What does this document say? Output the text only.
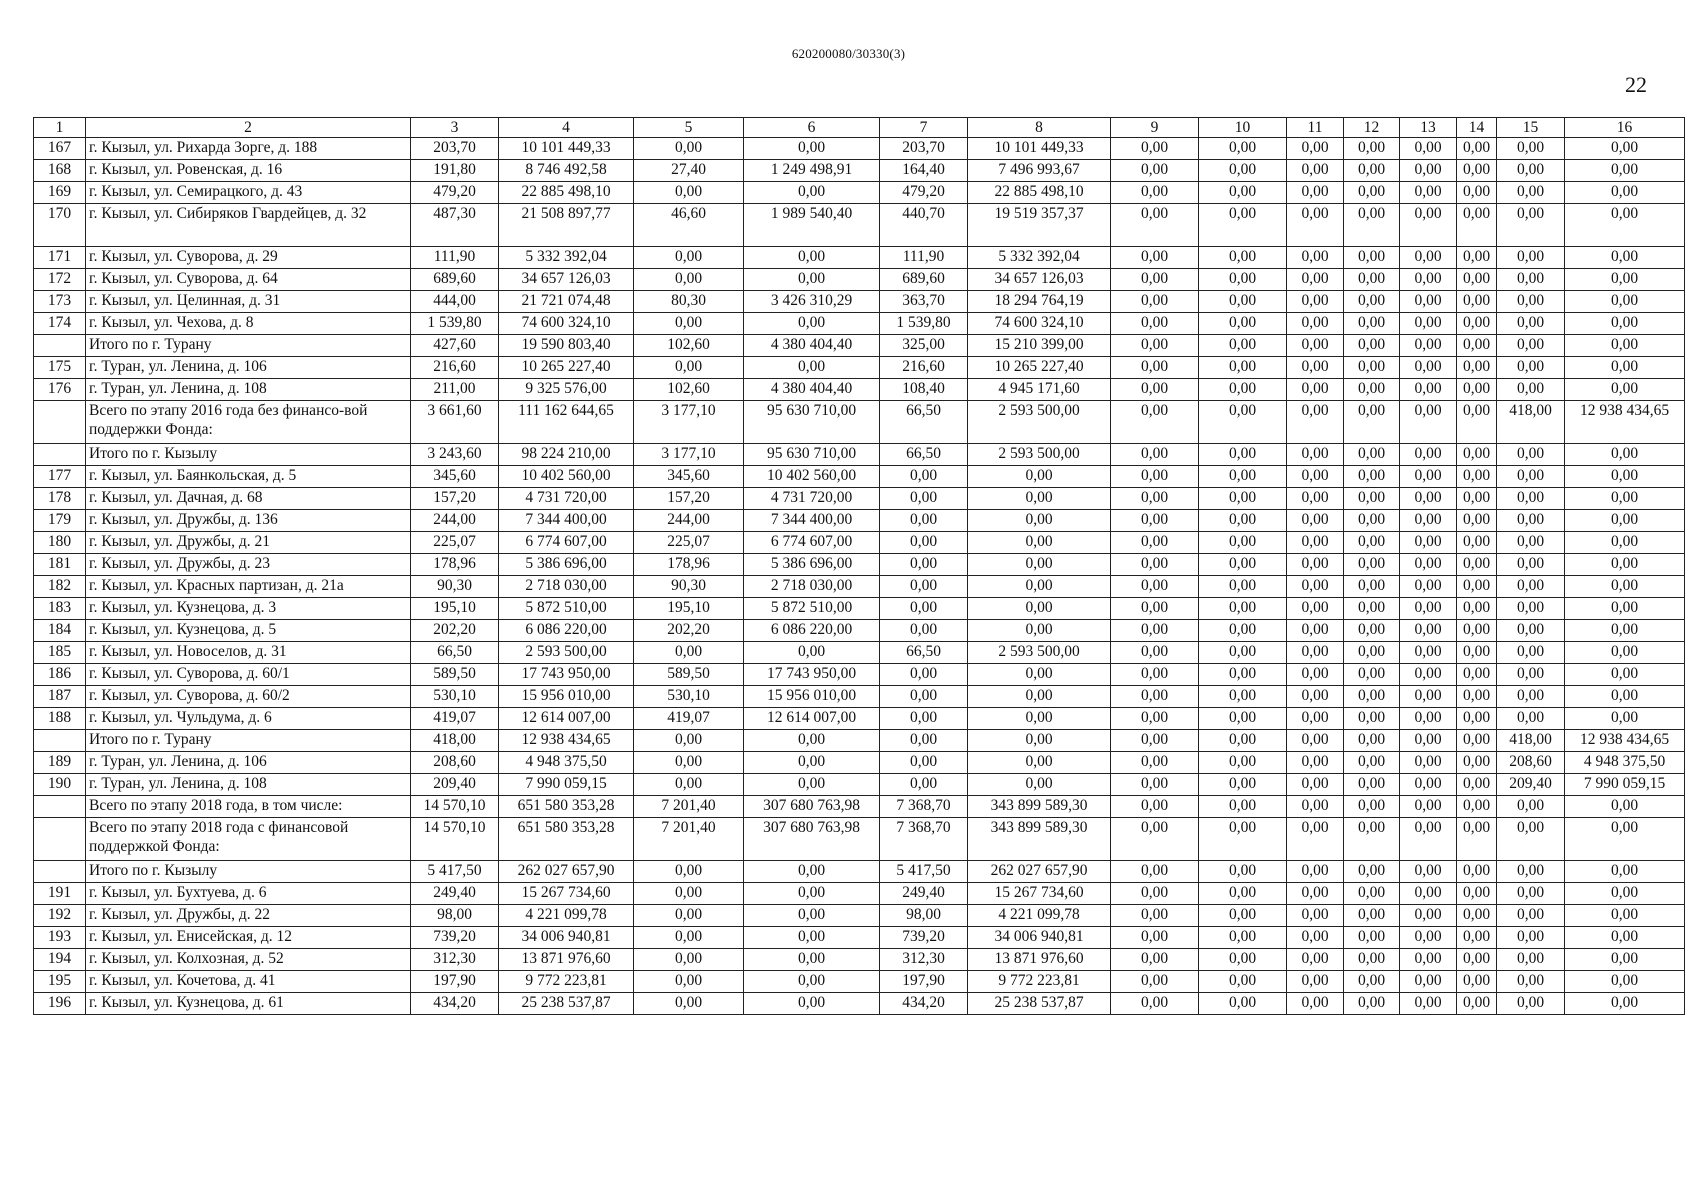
620200080/30330(3)
22
1	2	3	4	5	6	7	8	9	10	11	12	13	14	15	16
167	г. Кызыл, ул. Рихарда Зорге, д. 188	203,70	10 101 449,33	0,00	0,00	203,70	10 101 449,33	0,00	0,00	0,00	0,00	0,00	0,00	0,00	0,00
168	г. Кызыл, ул. Ровенская, д. 16	191,80	8 746 492,58	27,40	1 249 498,91	164,40	7 496 993,67	0,00	0,00	0,00	0,00	0,00	0,00	0,00	0,00
169	г. Кызыл, ул. Семирацкого, д. 43	479,20	22 885 498,10	0,00	0,00	479,20	22 885 498,10	0,00	0,00	0,00	0,00	0,00	0,00	0,00	0,00
170	г. Кызыл, ул. Сибиряков Гвардейцев, д. 32	487,30	21 508 897,77	46,60	1 989 540,40	440,70	19 519 357,37	0,00	0,00	0,00	0,00	0,00	0,00	0,00	0,00
171	г. Кызыл, ул. Суворова, д. 29	111,90	5 332 392,04	0,00	0,00	111,90	5 332 392,04	0,00	0,00	0,00	0,00	0,00	0,00	0,00	0,00
172	г. Кызыл, ул. Суворова, д. 64	689,60	34 657 126,03	0,00	0,00	689,60	34 657 126,03	0,00	0,00	0,00	0,00	0,00	0,00	0,00	0,00
173	г. Кызыл, ул. Целинная, д. 31	444,00	21 721 074,48	80,30	3 426 310,29	363,70	18 294 764,19	0,00	0,00	0,00	0,00	0,00	0,00	0,00	0,00
174	г. Кызыл, ул. Чехова, д. 8	1 539,80	74 600 324,10	0,00	0,00	1 539,80	74 600 324,10	0,00	0,00	0,00	0,00	0,00	0,00	0,00	0,00
	Итого по г. Турану	427,60	19 590 803,40	102,60	4 380 404,40	325,00	15 210 399,00	0,00	0,00	0,00	0,00	0,00	0,00	0,00	0,00
175	г. Туран, ул. Ленина, д. 106	216,60	10 265 227,40	0,00	0,00	216,60	10 265 227,40	0,00	0,00	0,00	0,00	0,00	0,00	0,00	0,00
176	г. Туран, ул. Ленина, д. 108	211,00	9 325 576,00	102,60	4 380 404,40	108,40	4 945 171,60	0,00	0,00	0,00	0,00	0,00	0,00	0,00	0,00
	Всего по этапу 2016 года без финансо-вой поддержки Фонда:	3 661,60	111 162 644,65	3 177,10	95 630 710,00	66,50	2 593 500,00	0,00	0,00	0,00	0,00	0,00	0,00	418,00	12 938 434,65
	Итого по г. Кызылу	3 243,60	98 224 210,00	3 177,10	95 630 710,00	66,50	2 593 500,00	0,00	0,00	0,00	0,00	0,00	0,00	0,00	0,00
177	г. Кызыл, ул. Баянкольская, д. 5	345,60	10 402 560,00	345,60	10 402 560,00	0,00	0,00	0,00	0,00	0,00	0,00	0,00	0,00	0,00	0,00
178	г. Кызыл, ул. Дачная, д. 68	157,20	4 731 720,00	157,20	4 731 720,00	0,00	0,00	0,00	0,00	0,00	0,00	0,00	0,00	0,00	0,00
179	г. Кызыл, ул. Дружбы, д. 136	244,00	7 344 400,00	244,00	7 344 400,00	0,00	0,00	0,00	0,00	0,00	0,00	0,00	0,00	0,00	0,00
180	г. Кызыл, ул. Дружбы, д. 21	225,07	6 774 607,00	225,07	6 774 607,00	0,00	0,00	0,00	0,00	0,00	0,00	0,00	0,00	0,00	0,00
181	г. Кызыл, ул. Дружбы, д. 23	178,96	5 386 696,00	178,96	5 386 696,00	0,00	0,00	0,00	0,00	0,00	0,00	0,00	0,00	0,00	0,00
182	г. Кызыл, ул. Красных партизан, д. 21а	90,30	2 718 030,00	90,30	2 718 030,00	0,00	0,00	0,00	0,00	0,00	0,00	0,00	0,00	0,00	0,00
183	г. Кызыл, ул. Кузнецова, д. 3	195,10	5 872 510,00	195,10	5 872 510,00	0,00	0,00	0,00	0,00	0,00	0,00	0,00	0,00	0,00	0,00
184	г. Кызыл, ул. Кузнецова, д. 5	202,20	6 086 220,00	202,20	6 086 220,00	0,00	0,00	0,00	0,00	0,00	0,00	0,00	0,00	0,00	0,00
185	г. Кызыл, ул. Новоселов, д. 31	66,50	2 593 500,00	0,00	0,00	66,50	2 593 500,00	0,00	0,00	0,00	0,00	0,00	0,00	0,00	0,00
186	г. Кызыл, ул. Суворова, д. 60/1	589,50	17 743 950,00	589,50	17 743 950,00	0,00	0,00	0,00	0,00	0,00	0,00	0,00	0,00	0,00	0,00
187	г. Кызыл, ул. Суворова, д. 60/2	530,10	15 956 010,00	530,10	15 956 010,00	0,00	0,00	0,00	0,00	0,00	0,00	0,00	0,00	0,00	0,00
188	г. Кызыл, ул. Чульдума, д. 6	419,07	12 614 007,00	419,07	12 614 007,00	0,00	0,00	0,00	0,00	0,00	0,00	0,00	0,00	0,00	0,00
	Итого по г. Турану	418,00	12 938 434,65	0,00	0,00	0,00	0,00	0,00	0,00	0,00	0,00	0,00	0,00	418,00	12 938 434,65
189	г. Туран, ул. Ленина, д. 106	208,60	4 948 375,50	0,00	0,00	0,00	0,00	0,00	0,00	0,00	0,00	0,00	0,00	208,60	4 948 375,50
190	г. Туран, ул. Ленина, д. 108	209,40	7 990 059,15	0,00	0,00	0,00	0,00	0,00	0,00	0,00	0,00	0,00	0,00	209,40	7 990 059,15
	Всего по этапу 2018 года, в том числе:	14 570,10	651 580 353,28	7 201,40	307 680 763,98	7 368,70	343 899 589,30	0,00	0,00	0,00	0,00	0,00	0,00	0,00	0,00
	Всего по этапу 2018 года с финансовой поддержкой Фонда:	14 570,10	651 580 353,28	7 201,40	307 680 763,98	7 368,70	343 899 589,30	0,00	0,00	0,00	0,00	0,00	0,00	0,00	0,00
	Итого по г. Кызылу	5 417,50	262 027 657,90	0,00	0,00	5 417,50	262 027 657,90	0,00	0,00	0,00	0,00	0,00	0,00	0,00	0,00
191	г. Кызыл, ул. Бухтуева, д. 6	249,40	15 267 734,60	0,00	0,00	249,40	15 267 734,60	0,00	0,00	0,00	0,00	0,00	0,00	0,00	0,00
192	г. Кызыл, ул. Дружбы, д. 22	98,00	4 221 099,78	0,00	0,00	98,00	4 221 099,78	0,00	0,00	0,00	0,00	0,00	0,00	0,00	0,00
193	г. Кызыл, ул. Енисейская, д. 12	739,20	34 006 940,81	0,00	0,00	739,20	34 006 940,81	0,00	0,00	0,00	0,00	0,00	0,00	0,00	0,00
194	г. Кызыл, ул. Колхозная, д. 52	312,30	13 871 976,60	0,00	0,00	312,30	13 871 976,60	0,00	0,00	0,00	0,00	0,00	0,00	0,00	0,00
195	г. Кызыл, ул. Кочетова, д. 41	197,90	9 772 223,81	0,00	0,00	197,90	9 772 223,81	0,00	0,00	0,00	0,00	0,00	0,00	0,00	0,00
196	г. Кызыл, ул. Кузнецова, д. 61	434,20	25 238 537,87	0,00	0,00	434,20	25 238 537,87	0,00	0,00	0,00	0,00	0,00	0,00	0,00	0,00
